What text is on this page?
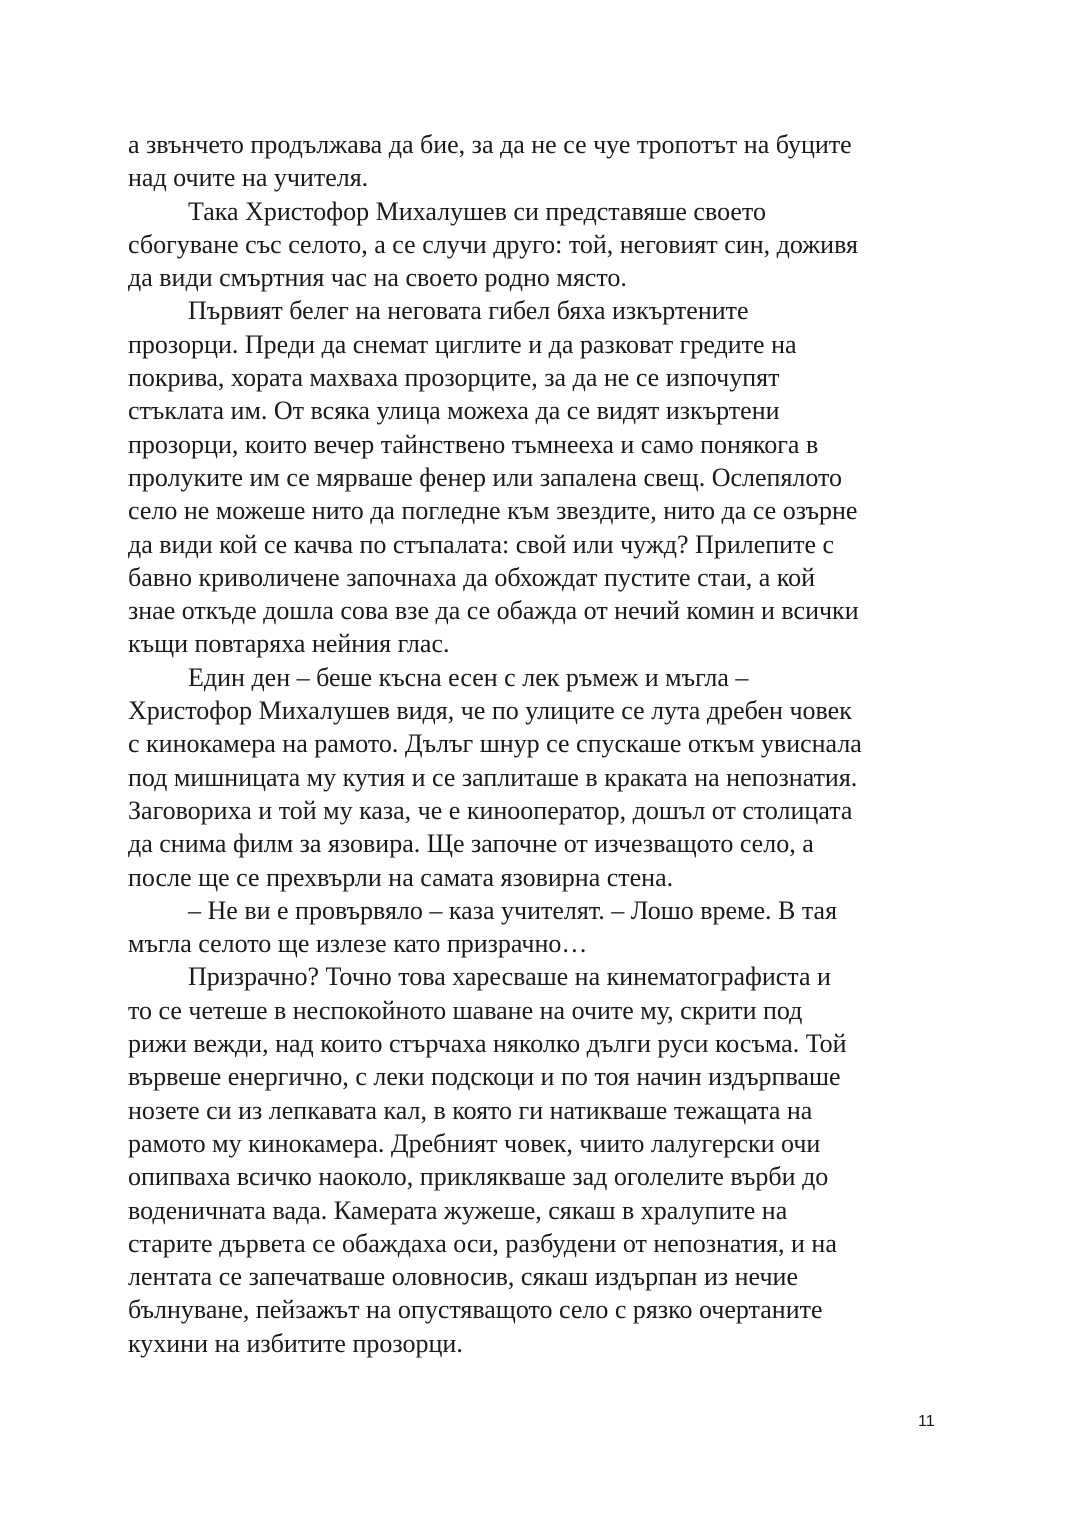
а звънчето продължава да бие, за да не се чуе тропотът на буците
над очите на учителя.
Така Христофор Михалушев си представяше своето
сбогуване със селото, а се случи друго: той, неговият син, доживя
да види смъртния час на своето родно място.
Първият белег на неговата гибел бяха изкъртените
прозорци. Преди да снемат циглите и да разковат гредите на
покрива, хората махваха прозорците, за да не се изпочупят
стъклата им. От всяка улица можеха да се видят изкъртени
прозорци, които вечер тайнствено тъмнееха и само понякога в
пролуките им се мярваше фенер или запалена свещ. Ослепялото
село не можеше нито да погледне към звездите, нито да се озърне
да види кой се качва по стъпалата: свой или чужд? Прилепите с
бавно криволичене започнаха да обхождат пустите стаи, а кой
знае откъде дошла сова взе да се обажда от нечий комин и всички
къщи повтаряха нейния глас.
Един ден – беше късна есен с лек ръмеж и мъгла –
Христофор Михалушев видя, че по улиците се лута дребен човек
с кинокамера на рамото. Дълъг шнур се спускаше откъм увиснала
под мишницата му кутия и се заплиташе в краката на непознатия.
Заговориха и той му каза, че е кинооператор, дошъл от столицата
да снима филм за язовира. Ще започне от изчезващото село, а
после ще се прехвърли на самата язовирна стена.
– Не ви е провървяло – каза учителят. – Лошо време. В тая
мъгла селото ще излезе като призрачно…
Призрачно? Точно това харесваше на кинематографиста и
то се четеше в неспокойното шаване на очите му, скрити под
рижи вежди, над които стърчаха няколко дълги руси косъма. Той
вървеше енергично, с леки подскоци и по тоя начин издърпваше
нозете си из лепкавата кал, в която ги натикваше тежащата на
рамото му кинокамера. Дребният човек, чиито лалугерски очи
опипваха всичко наоколо, приклякваше зад оголелите върби до
воденичната вада. Камерата жужеше, сякаш в хралупите на
старите дървета се обаждаха оси, разбудени от непознатия, и на
лентата се запечатваше оловносив, сякаш издърпан из нечие
бълнуване, пейзажът на опустяващото село с рязко очертаните
кухини на избитите прозорци.
11
